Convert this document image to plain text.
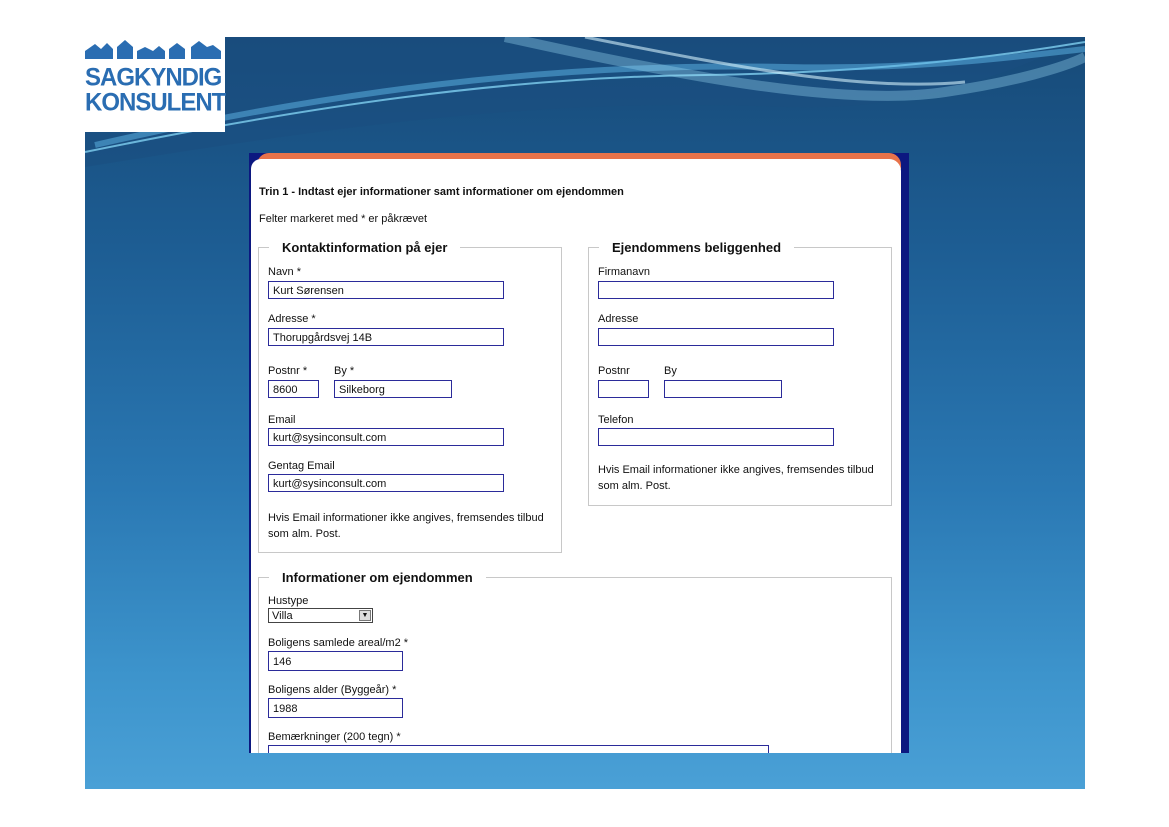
SAGKYNDIG
KONSULENT
Trin 1 - Indtast ejer informationer samt informationer om ejendommen
Felter markeret med * er påkrævet
Kontaktinformation på ejer
Navn *
Kurt Sørensen
Adresse *
Thorupgårdsvej 14B
Postnr * By *
8600	Silkeborg
Email
kurt@sysinconsult.com
Gentag Email
kurt@sysinconsult.com
Hvis Email informationer ikke angives, fremsendes tilbud som alm. Post.
Ejendommens beliggenhed
Firmanavn
Adresse
Postnr	By
Telefon
Hvis Email informationer ikke angives, fremsendes tilbud som alm. Post.
Informationer om ejendommen
Hustype
Villa	▼
Boligens samlede areal/m2 *
146
Boligens alder (Byggeår) *
1988
Bemærkninger (200 tegn) *
